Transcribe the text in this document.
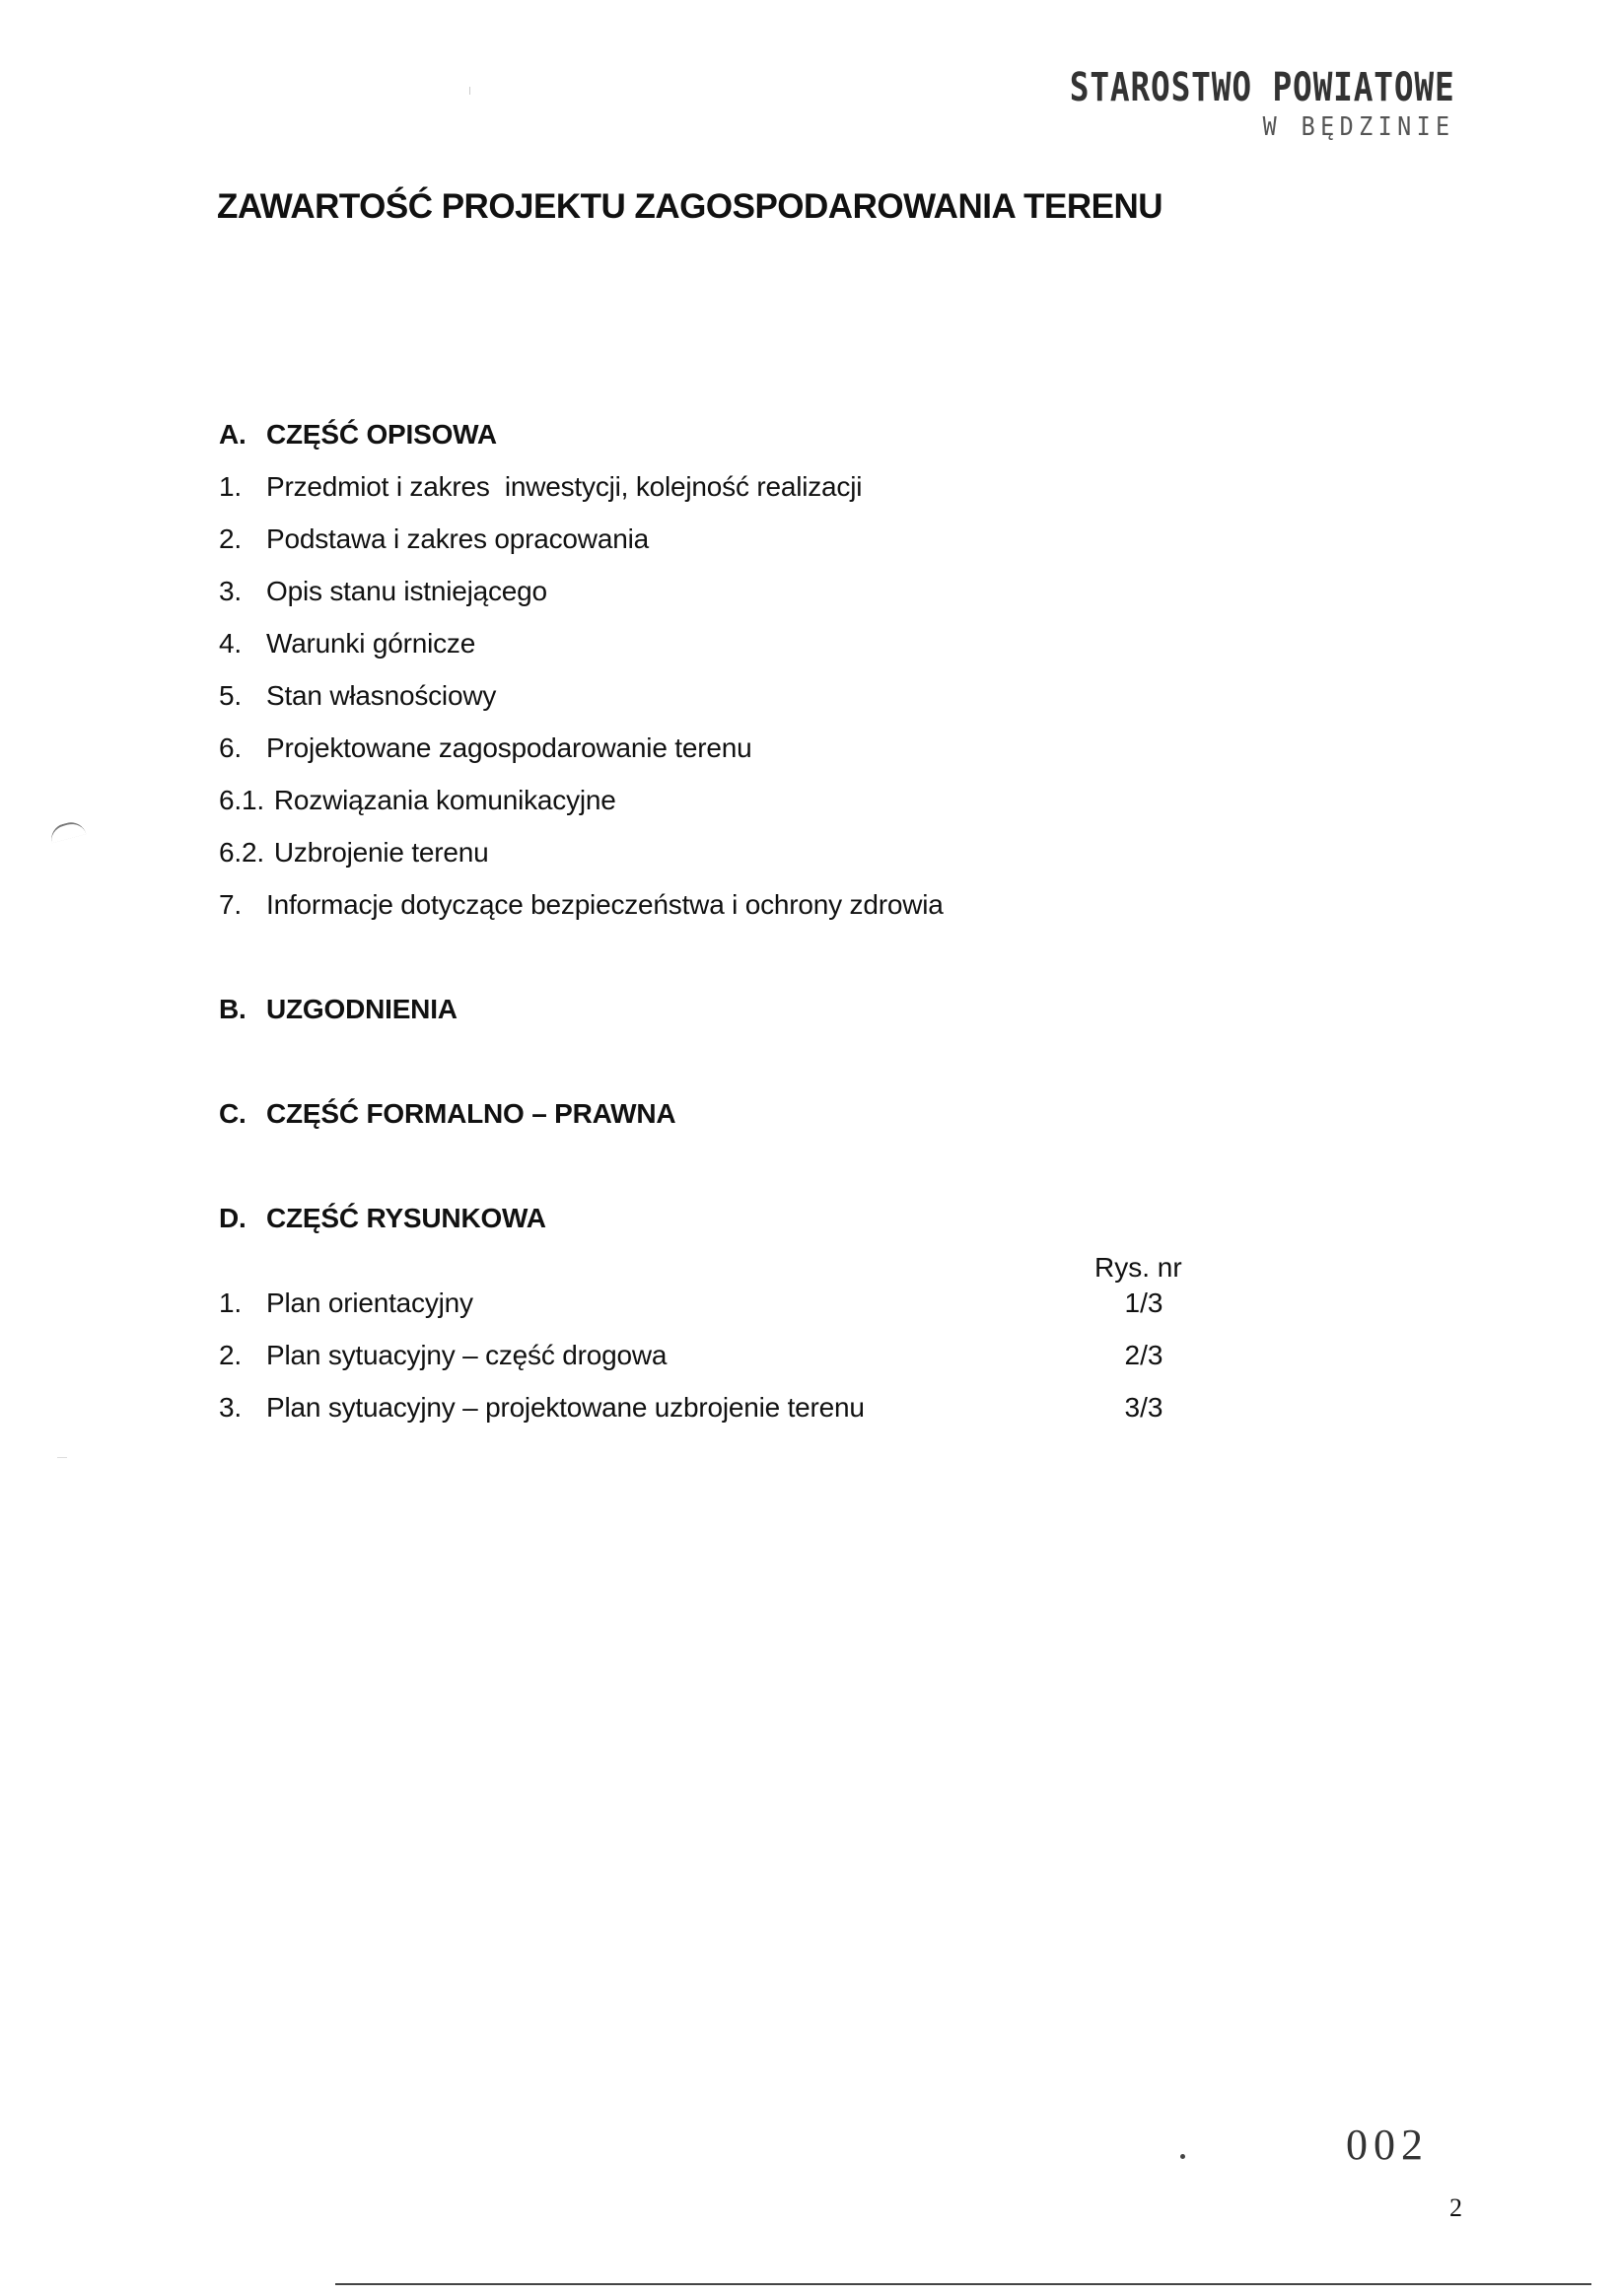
STAROSTWO POWIATOWE
W BĘDZINIE
ZAWARTOŚĆ PROJEKTU ZAGOSPODAROWANIA TERENU
A. CZĘŚĆ OPISOWA
1. Przedmiot i zakres  inwestycji, kolejność realizacji
2. Podstawa i zakres opracowania
3. Opis stanu istniejącego
4. Warunki górnicze
5. Stan własnościowy
6. Projektowane zagospodarowanie terenu
6.1. Rozwiązania komunikacyjne
6.2. Uzbrojenie terenu
7. Informacje dotyczące bezpieczeństwa i ochrony zdrowia
B. UZGODNIENIA
C. CZĘŚĆ FORMALNO – PRAWNA
D. CZĘŚĆ RYSUNKOWA
Rys. nr
1. Plan orientacyjny	1/3
2. Plan sytuacyjny – część drogowa	2/3
3. Plan sytuacyjny – projektowane uzbrojenie terenu	3/3
002
2
